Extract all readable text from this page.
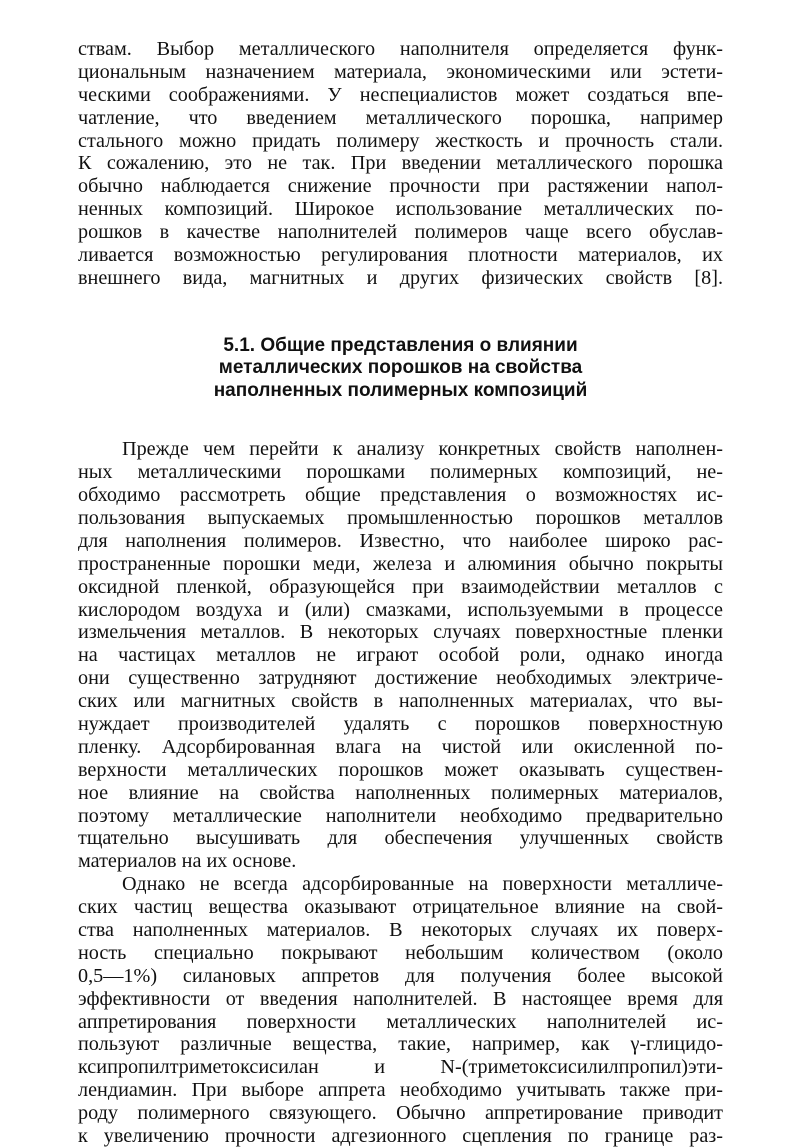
ствам. Выбор металлического наполнителя определяется функ-
циональным назначением материала, экономическими или эстети-
ческими соображениями. У неспециалистов может создаться впе-
чатление, что введением металлического порошка, например
стального можно придать полимеру жесткость и прочность стали.
К сожалению, это не так. При введении металлического порошка
обычно наблюдается снижение прочности при растяжении напол-
ненных композиций. Широкое использование металлических по-
рошков в качестве наполнителей полимеров чаще всего обуслав-
ливается возможностью регулирования плотности материалов, их
внешнего вида, магнитных и других физических свойств [8].
5.1. Общие представления о влиянии
металлических порошков на свойства
наполненных полимерных композиций
Прежде чем перейти к анализу конкретных свойств наполнен-
ных металлическими порошками полимерных композиций, не-
обходимо рассмотреть общие представления о возможностях ис-
пользования выпускаемых промышленностью порошков металлов
для наполнения полимеров. Известно, что наиболее широко рас-
пространенные порошки меди, железа и алюминия обычно покрыты
оксидной пленкой, образующейся при взаимодействии металлов с
кислородом воздуха и (или) смазками, используемыми в процессе
измельчения металлов. В некоторых случаях поверхностные пленки
на частицах металлов не играют особой роли, однако иногда
они существенно затрудняют достижение необходимых электриче-
ских или магнитных свойств в наполненных материалах, что вы-
нуждает производителей удалять с порошков поверхностную
пленку. Адсорбированная влага на чистой или окисленной по-
верхности металлических порошков может оказывать существен-
ное влияние на свойства наполненных полимерных материалов,
поэтому металлические наполнители необходимо предварительно
тщательно высушивать для обеспечения улучшенных свойств
материалов на их основе.
Однако не всегда адсорбированные на поверхности металличе-
ских частиц вещества оказывают отрицательное влияние на свой-
ства наполненных материалов. В некоторых случаях их поверх-
ность специально покрывают небольшим количеством (около
0,5—1%) силановых аппретов для получения более высокой
эффективности от введения наполнителей. В настоящее время для
аппретирования поверхности металлических наполнителей ис-
пользуют различные вещества, такие, например, как γ-глицидо-
ксипропилтриметоксисилан и N-(триметоксисилилпропил)эти-
лендиамин. При выборе аппрета необходимо учитывать также при-
роду полимерного связующего. Обычно аппретирование приводит
к увеличению прочности адгезионного сцепления по границе раз-
